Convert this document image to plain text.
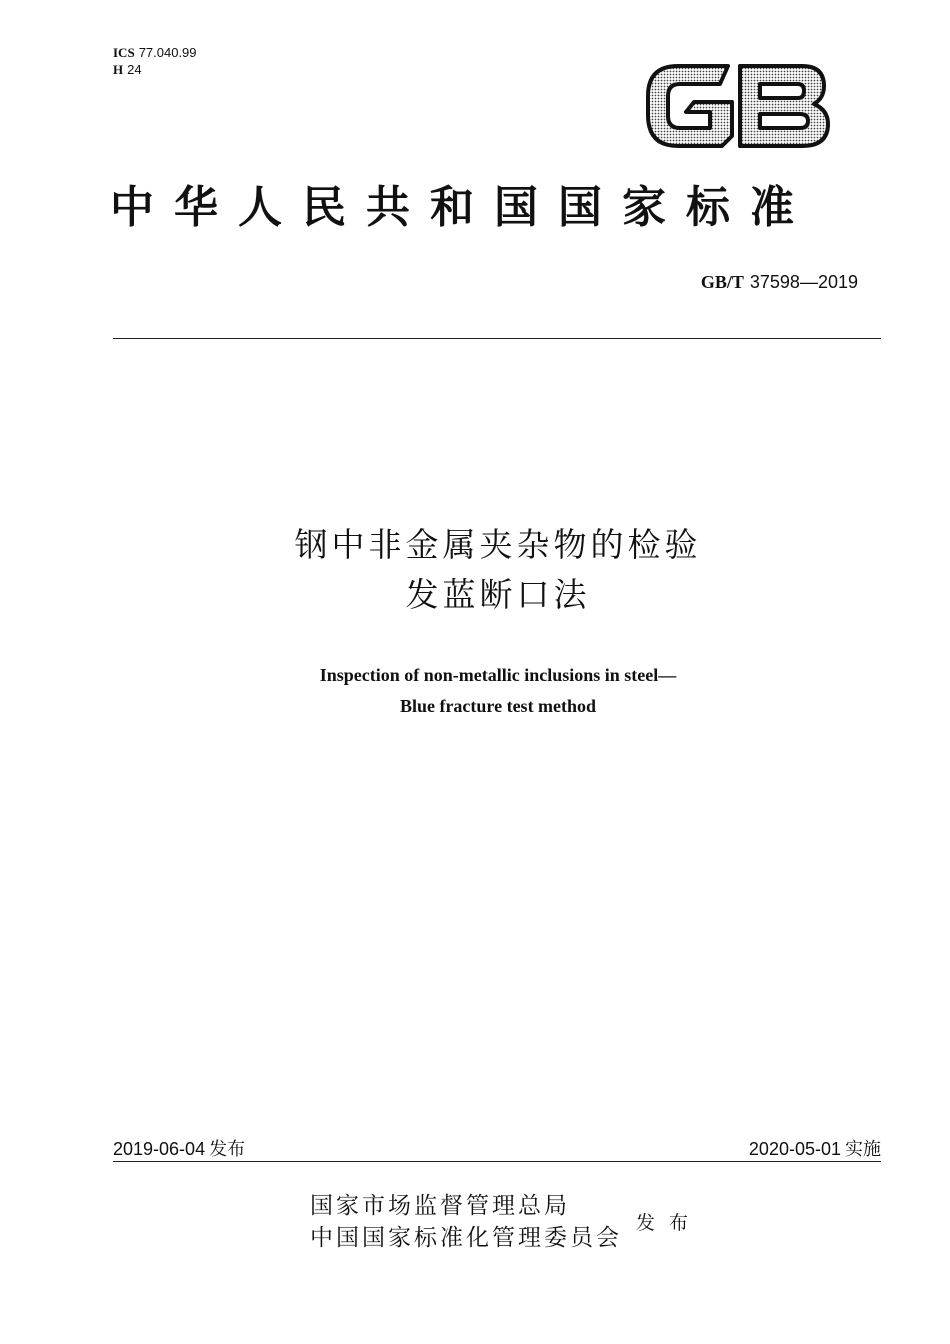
ICS 77.040.99
H 24
中华人民共和国国家标准
GB/T 37598—2019
钢中非金属夹杂物的检验
发蓝断口法
Inspection of non-metallic inclusions in steel—
Blue fracture test method
2019-06-04 发布	2020-05-01 实施
国家市场监督管理总局
中国国家标准化管理委员会
发布
